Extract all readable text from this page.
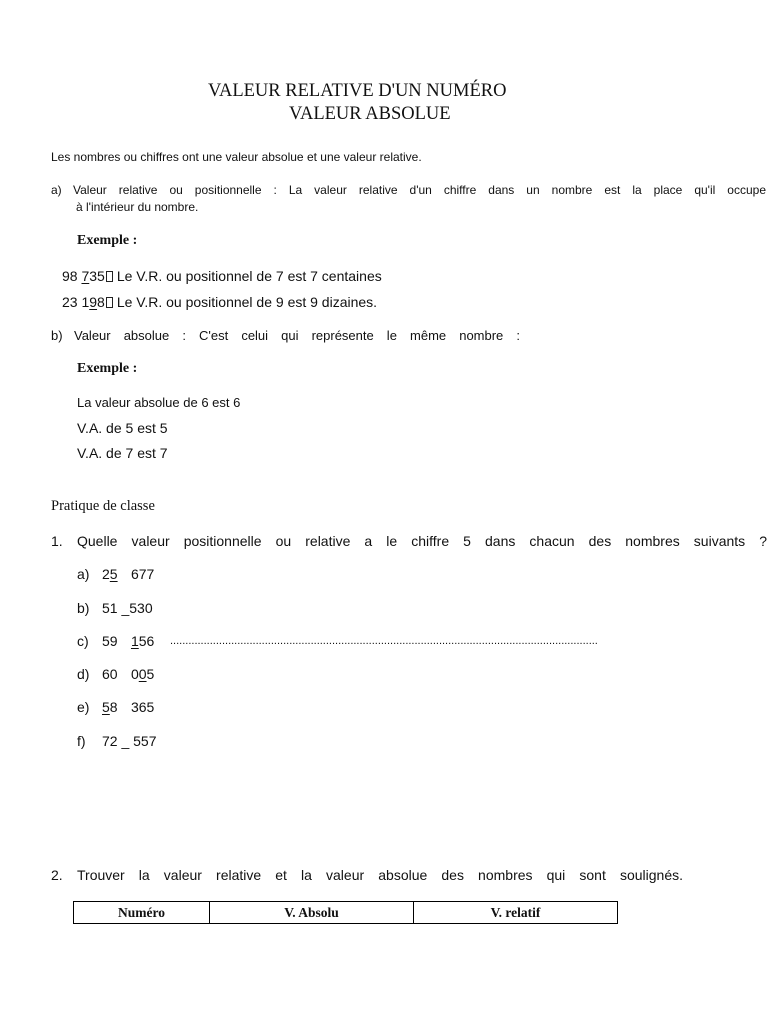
VALEUR RELATIVE D'UN NUMÉRO
VALEUR ABSOLUE
Les nombres ou chiffres ont une valeur absolue et une valeur relative.
a) Valeur relative ou positionnelle : La valeur relative d'un chiffre dans un nombre est la place qu'il occupe
à l'intérieur du nombre.
Exemple :
98 735 Le V.R. ou positionnel de 7 est 7 centaines
23 198 Le V.R. ou positionnel de 9 est 9 dizaines.
b) Valeur absolue : C'est celui qui représente le même nombre :
Exemple :
La valeur absolue de 6 est 6
V.A. de 5 est 5
V.A. de 7 est 7
Pratique de classe
1. Quelle valeur positionnelle ou relative a le chiffre 5 dans chacun des nombres suivants ?
a) 25 677
b) 51 _530
c) 59 156 ............................................................................................................................................
d) 60 005
e) 58 365
f) 72 _ 557
2. Trouver la valeur relative et la valeur absolue des nombres qui sont soulignés.
Numéro	V. Absolu	V. relatif
